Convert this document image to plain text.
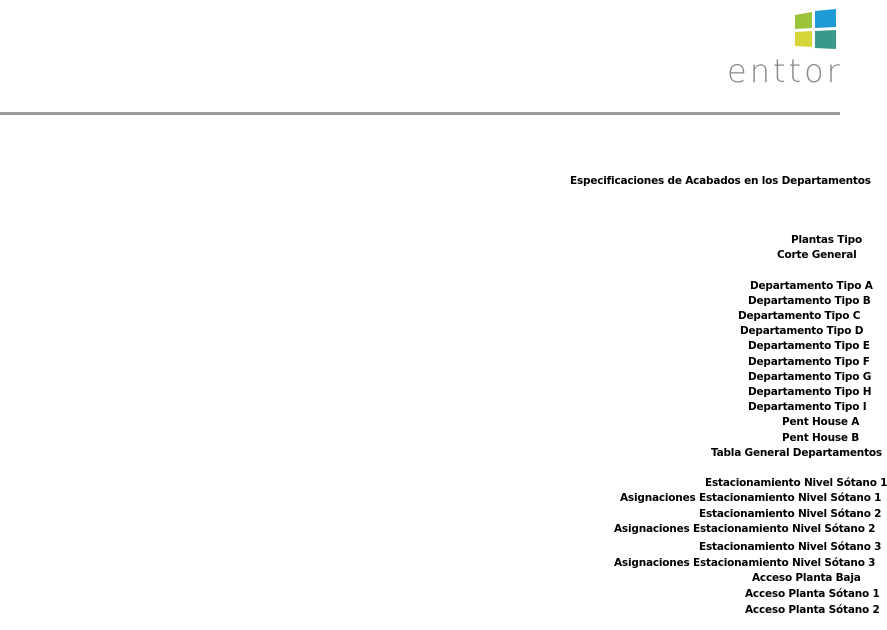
enttor
Especificaciones de Acabados en los Departamentos
Plantas Tipo
Corte General
Departamento Tipo A
Departamento Tipo B
Departamento Tipo C
Departamento Tipo D
Departamento Tipo E
Departamento Tipo F
Departamento Tipo G
Departamento Tipo H
Departamento Tipo I
Pent House A
Pent House B
Tabla General Departamentos
Estacionamiento Nivel Sótano 1
Asignaciones Estacionamiento Nivel Sótano 1
Estacionamiento Nivel Sótano 2
Asignaciones Estacionamiento Nivel Sótano 2
Estacionamiento Nivel Sótano 3
Asignaciones Estacionamiento Nivel Sótano 3
Acceso Planta Baja
Acceso Planta Sótano 1
Acceso Planta Sótano 2
